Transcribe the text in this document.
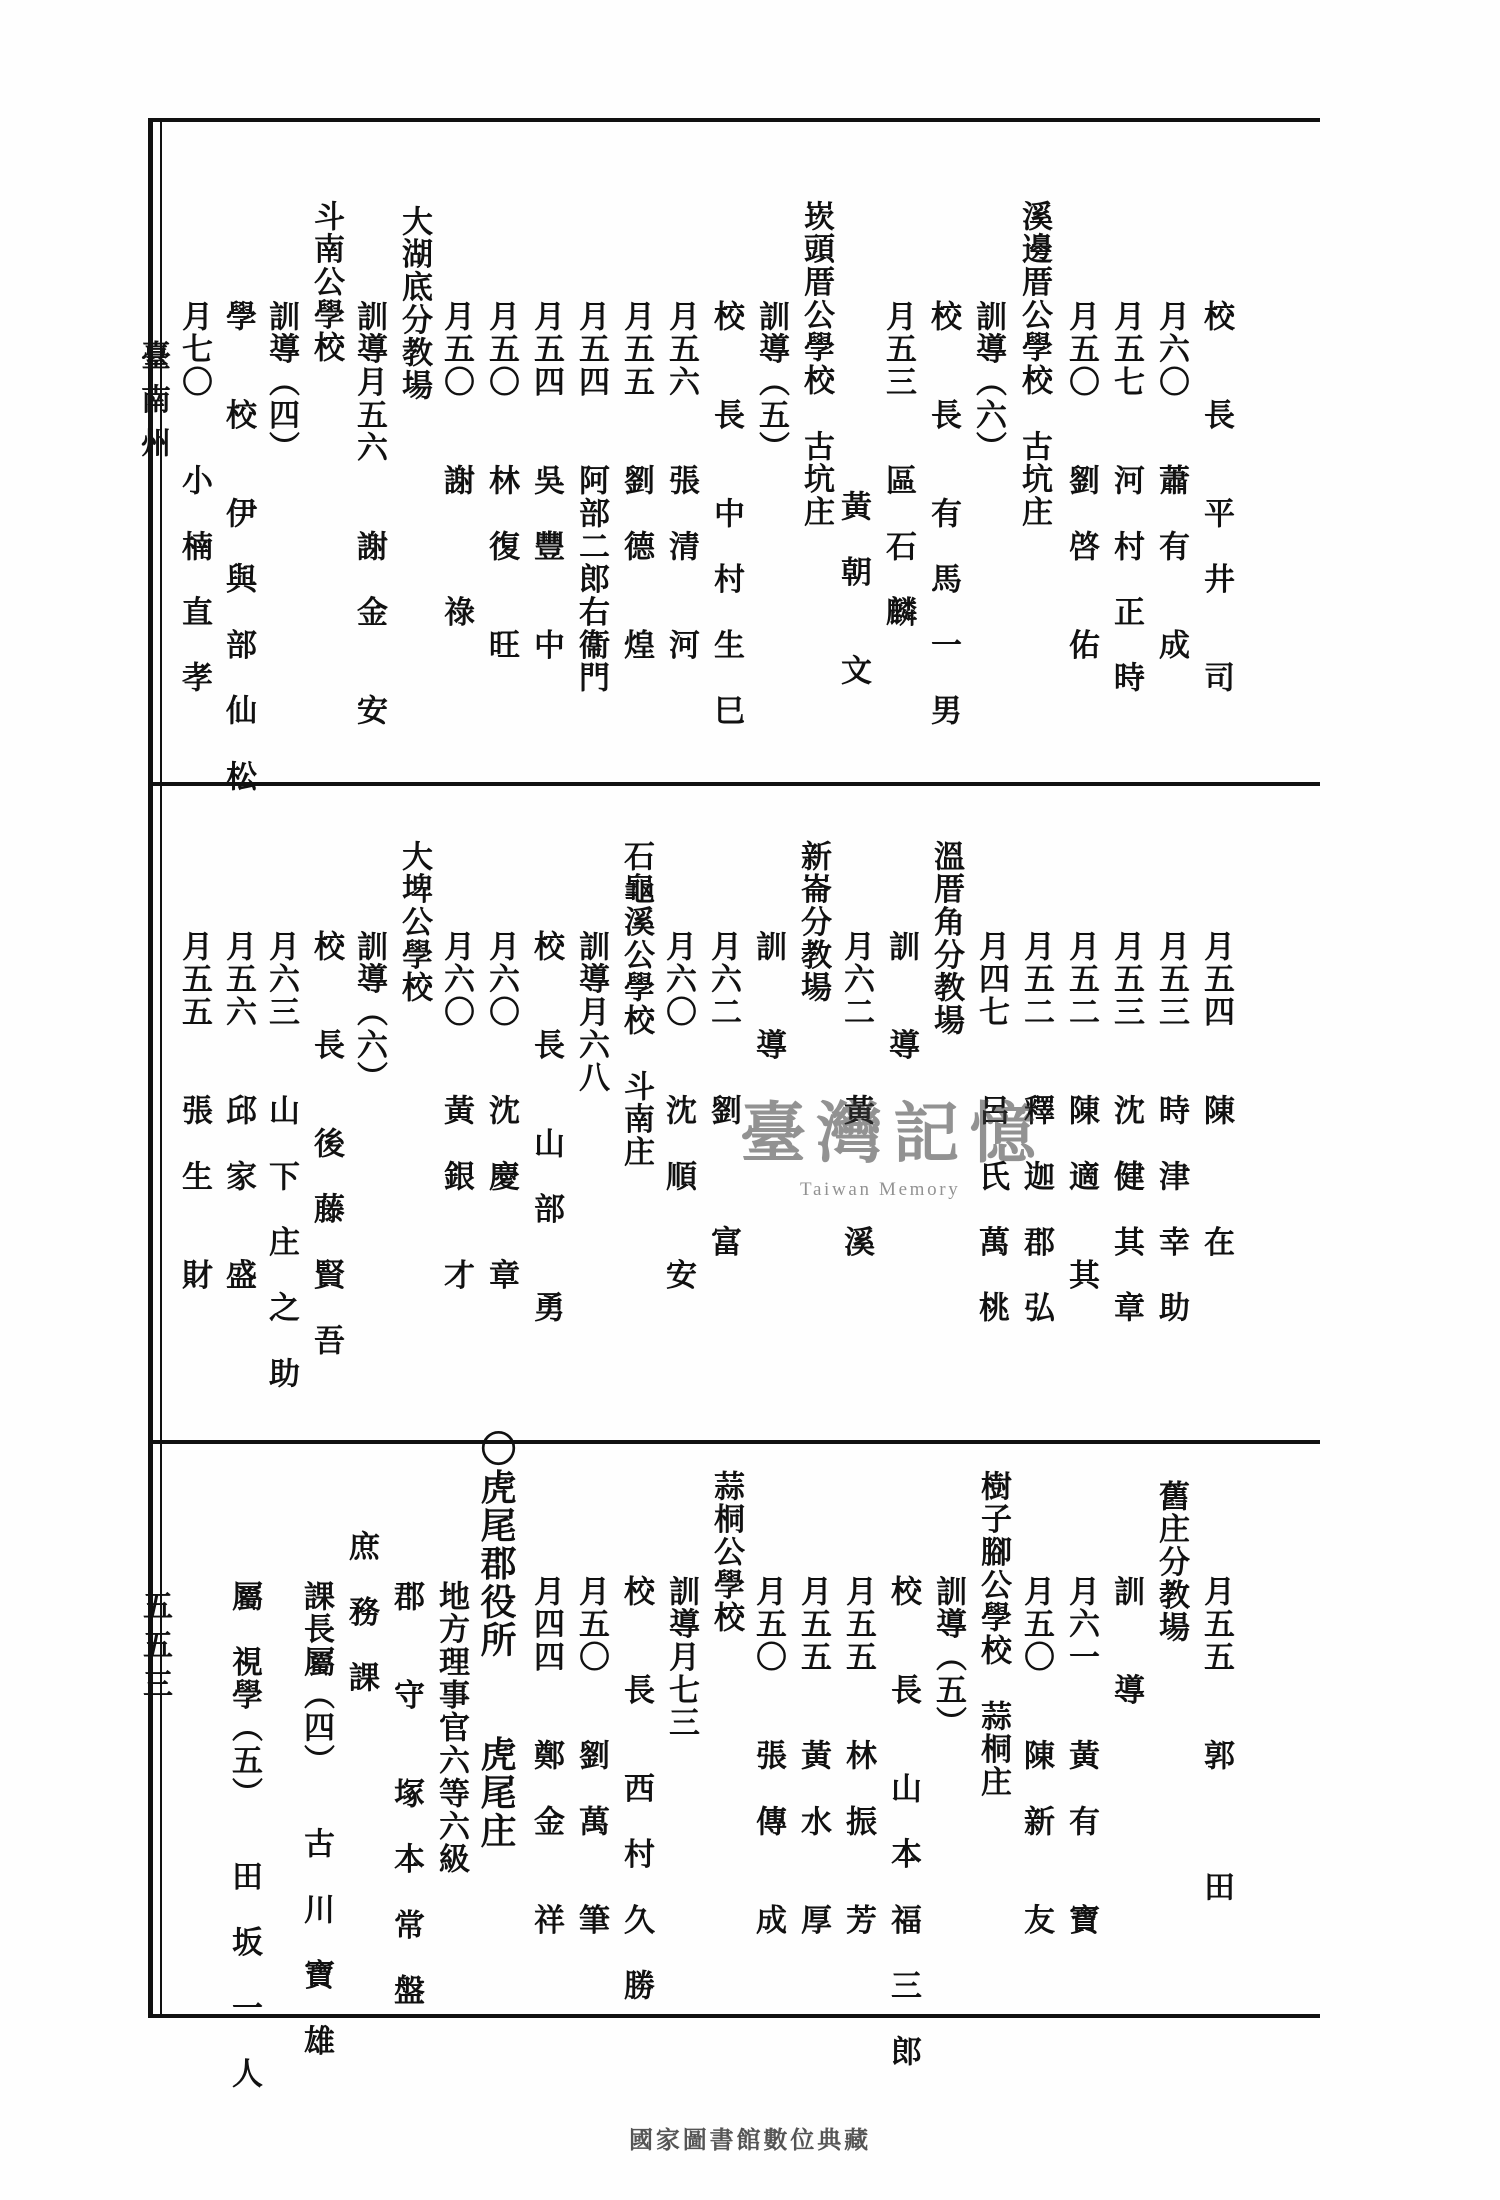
臺南州
五五三
校　　長　　平　井　　司
月六〇　　蕭　有　　成
月五七　　河　村　正　時
月五〇　　劉　啓　　佑
溪邊厝公學校　古坑庄
訓導（六）
校　　長　　有　馬　一　男
月五三　　區　石　麟
黃　朝　　文
崁頭厝公學校　古坑庄
訓導（五）
校　　長　　中　村　生　巳
月五六　　張　清　　河
月五五　　劉　德　　煌
月五四　　阿部二郎右衞門
月五四　　吳　豐　　中
月五〇　　林　復　　旺
月五〇　　謝　　　祿
大湖底分教場
訓導月五六　　謝　金　　安
斗南公學校
訓導（四）
學　　校　　伊　與　部　仙　松
月七〇　　小　楠　直　孝
月五四　　陳　　　在
月五三　　時　津　幸　助
月五三　　沈　健　其　章
月五二　　陳　適　　其
月五二　　釋　迦　郡　弘
月四七　　呂　氏　萬　桃
溫厝角分教場
訓　　導
月六二　　黃　　　溪
新崙分教場
訓　　導
月六二　　劉　　　富
月六〇　　沈　順　　安
石龜溪公學校　斗南庄
訓導月六八
校　　長　　山　部　　勇
月六〇　　沈　慶　　章
月六〇　　黃　銀　　才
大埤公學校
訓導（六）
校　　長　　後　藤　賢　吾
月六三　　山　下　庄　之　助
月五六　　邱　家　　盛
月五五　　張　生　　財
月五五　　郭　　　田
舊庄分教場
訓　　導
月六一　　黃　有　　寶
月五〇　　陳　新　　友
樹子腳公學校　蒜桐庄
訓導（五）
校　　長　　山　本　福　三　郎
月五五　　林　振　　芳
月五五　　黃　水　　厚
月五〇　　張　傳　　成
蒜桐公學校
訓導月七三
校　　長　　西　村　久　勝
月五〇　　劉　萬　　筆
月四四　　鄭　金　　祥
〇虎尾郡役所　　虎尾庄
地方理事官六等六級
郡　　守　　塚　本　常　盤
庶　務　課
課長屬（四）　　古　川　寶　雄
屬　視學（五）　　田　坂　一　人
臺灣記憶
Taiwan Memory
國家圖書館數位典藏
